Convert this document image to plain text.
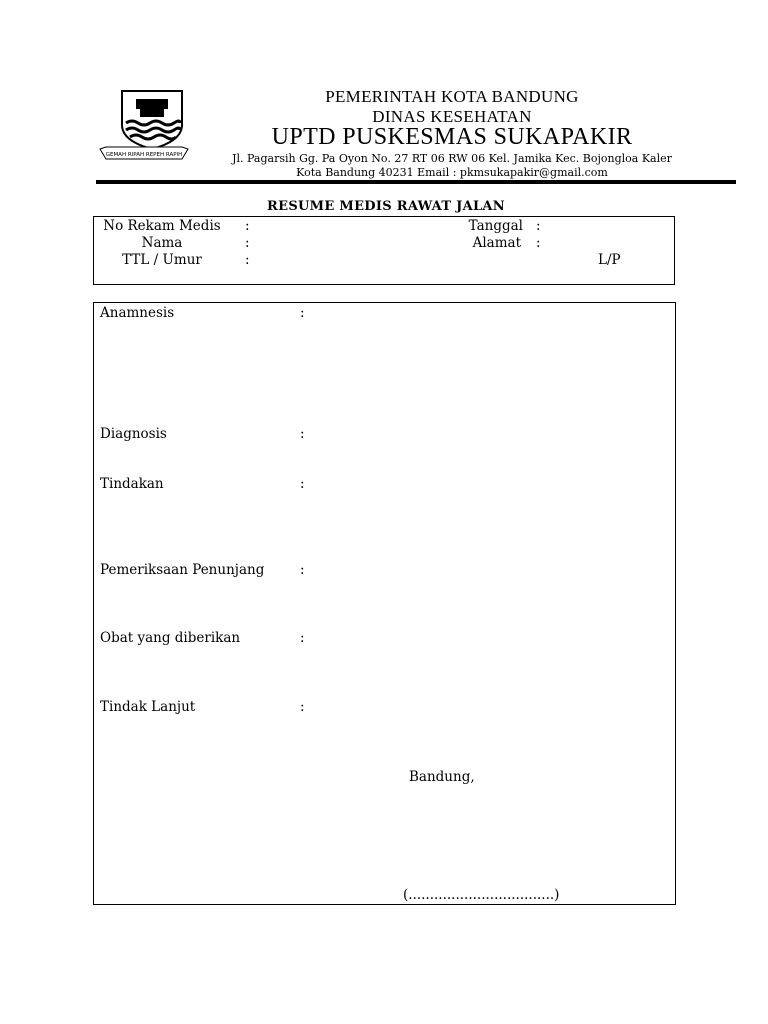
GEMAH RIPAH REPEH RAPIH
PEMERINTAH KOTA BANDUNG
DINAS KESEHATAN
UPTD PUSKESMAS SUKAPAKIR
Jl. Pagarsih Gg. Pa Oyon No. 27 RT 06 RW 06 Kel. Jamika Kec. Bojongloa Kaler
Kota Bandung 40231 Email : pkmsukapakir@gmail.com
RESUME MEDIS RAWAT JALAN
No Rekam Medis	:
Nama	:
TTL / Umur	:
Tanggal :
Alamat :
L/P
Anamnesis	:
Diagnosis	:
Tindakan	:
Pemeriksaan Penunjang	:
Obat yang diberikan	:
Tindak Lanjut	:
Bandung,
(..................................)
